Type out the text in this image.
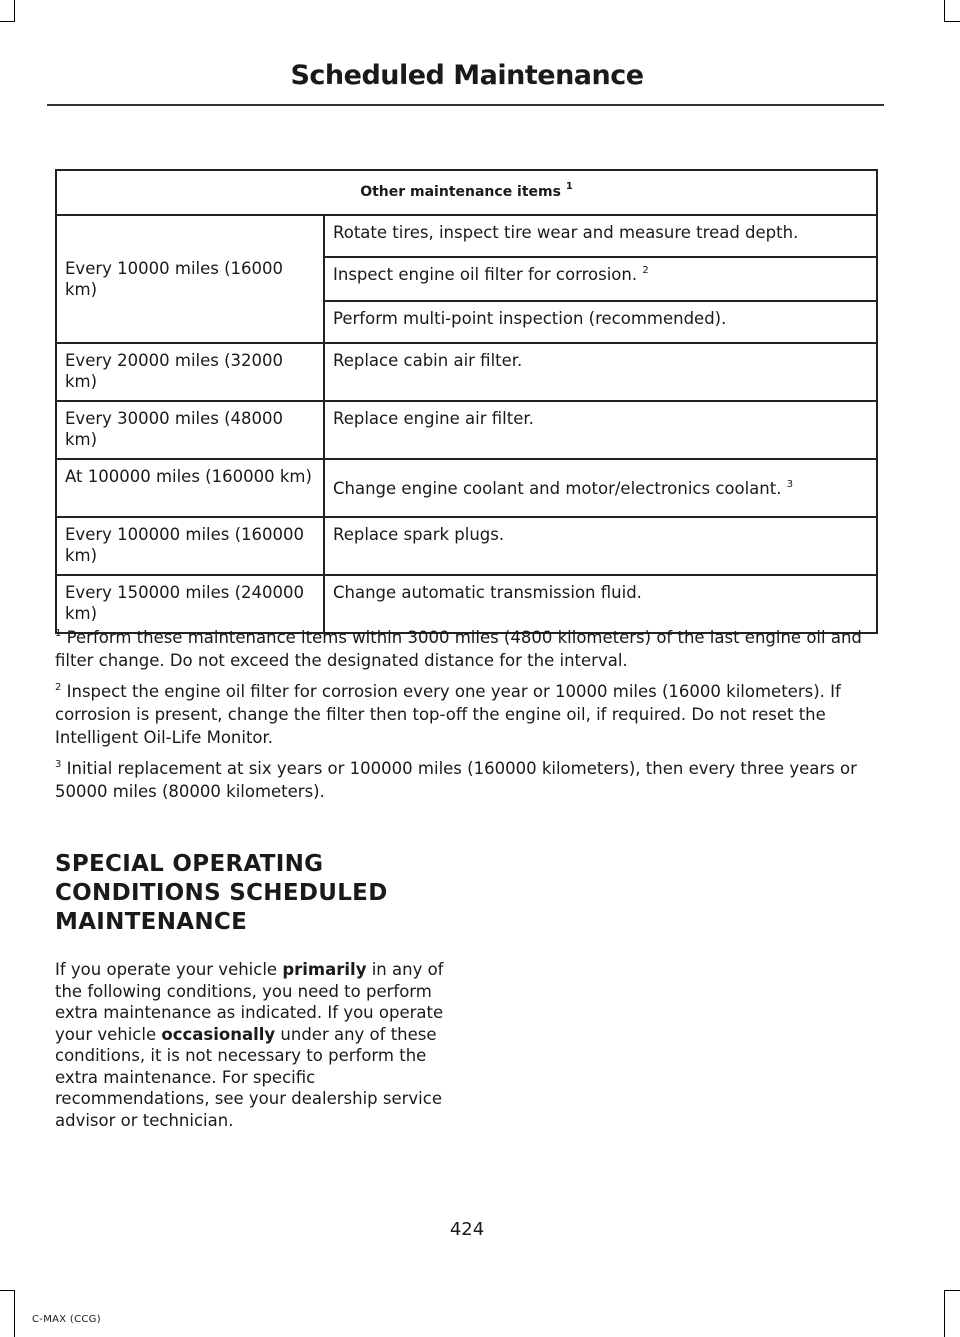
Scheduled Maintenance
Other maintenance items $^1$
Every 10000 miles (16000 km)	Rotate tires, inspect tire wear and measure tread depth.
	Inspect engine oil filter for corrosion. $^2$
	Perform multi-point inspection (recommended).
Every 20000 miles (32000 km)	Replace cabin air filter.
Every 30000 miles (48000 km)	Replace engine air filter.
At 100000 miles (160000 km)	Change engine coolant and motor/electronics coolant. $^3$
Every 100000 miles (160000 km)	Replace spark plugs.
Every 150000 miles (240000 km)	Change automatic transmission fluid.

$^1$ Perform these maintenance items within 3000 miles (4800 kilometers) of the last engine oil and filter change. Do not exceed the designated distance for the interval.

$^2$ Inspect the engine oil filter for corrosion every one year or 10000 miles (16000 kilometers). If corrosion is present, change the filter then top-off the engine oil, if required. Do not reset the Intelligent Oil-Life Monitor.

$^3$ Initial replacement at six years or 100000 miles (160000 kilometers), then every three years or 50000 miles (80000 kilometers).

SPECIAL OPERATING CONDITIONS SCHEDULED MAINTENANCE
If you operate your vehicle primarily in any of the following conditions, you need to perform extra maintenance as indicated. If you operate your vehicle occasionally under any of these conditions, it is not necessary to perform the extra maintenance. For specific recommendations, see your dealership service advisor or technician.
424
C-MAX (CCG)
